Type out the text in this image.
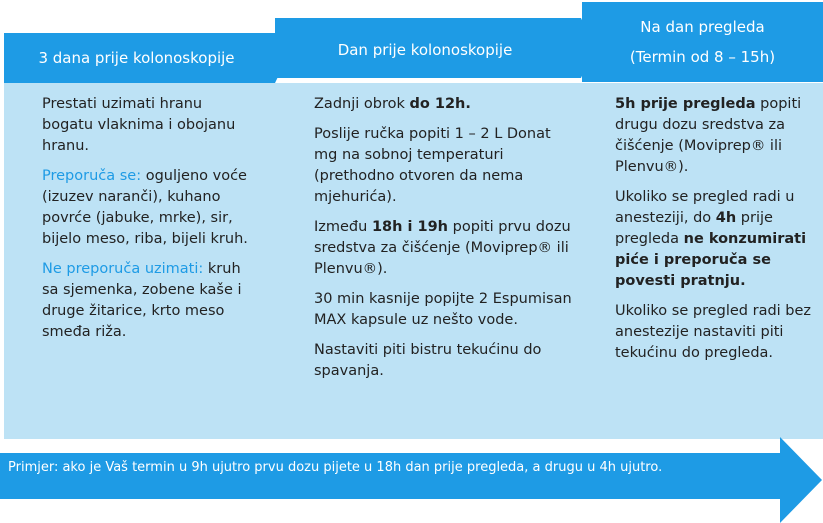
3 dana prije kolonoskopije	Dan prije kolonoskopije
Na dan pregleda
(Termin od 8 – 15h)

Prestati uzimati hranu bogatu vlaknima i obojanu hranu.

Preporuča se: oguljeno voće (izuzev naranči), kuhano povrće (jabuke, mrke), sir, bijelo meso, riba, bijeli kruh.

Ne preporuča uzimati: kruh sa sjemenka, zobene kaše i druge žitarice, krto meso smeđa riža.

Zadnji obrok do 12h.

Poslije ručka popiti 1 – 2 L Donat mg na sobnoj temperaturi (prethodno otvoren da nema mjehurića).

Između 18h i 19h popiti prvu dozu sredstva za čišćenje (Moviprep® ili Plenvu®).

30 min kasnije popijte 2 Espumisan MAX kapsule uz nešto vode.

Nastaviti piti bistru tekućinu do spavanja.

5h prije pregleda popiti drugu dozu sredstva za čišćenje (Moviprep® ili Plenvu®).

Ukoliko se pregled radi u anesteziji, do 4h prije pregleda ne konzumirati piće i preporuča se povesti pratnju.

Ukoliko se pregled radi bez anestezije nastaviti piti tekućinu do pregleda.

Primjer: ako je Vaš termin u 9h ujutro prvu dozu pijete u 18h dan prije pregleda, a drugu u 4h ujutro.
